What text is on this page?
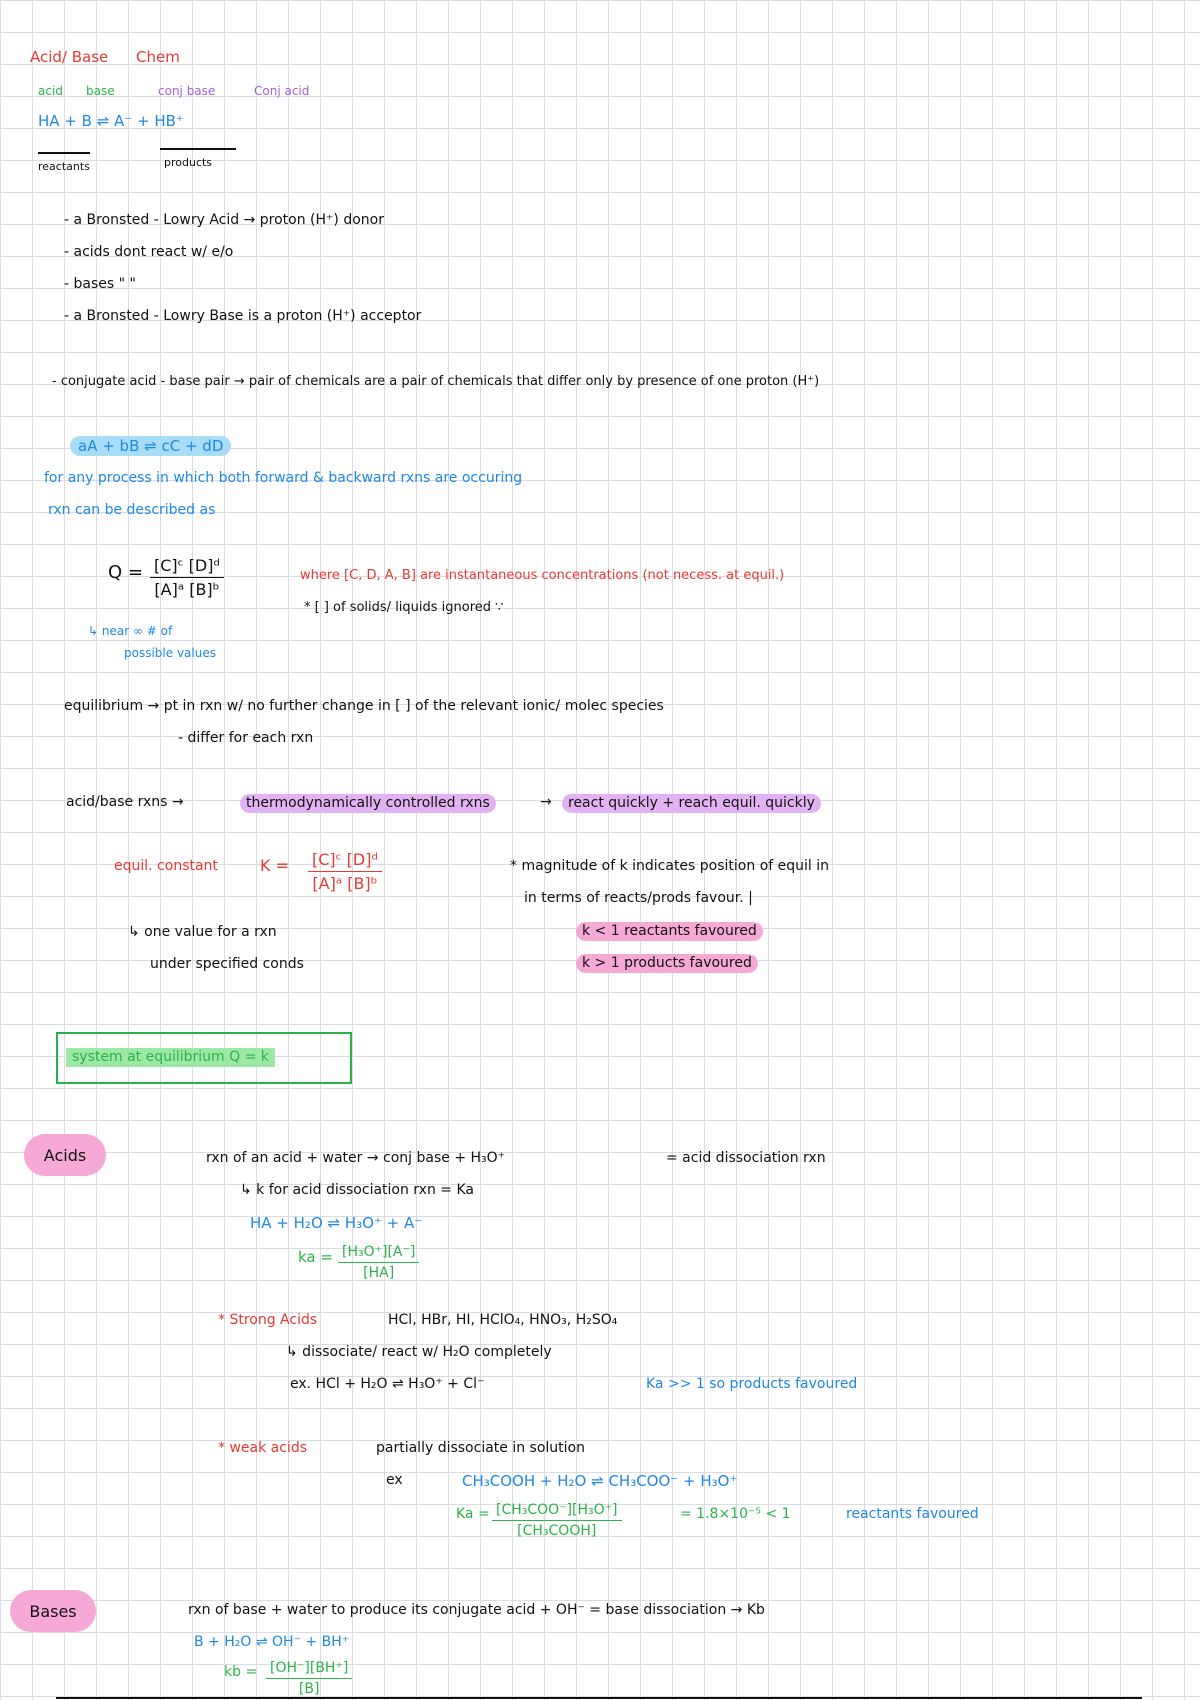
Acid/ Base Chem
acid base	conj base	Conj acid
HA + B ⇌ A⁻ + HB⁺
reactants	products
- a Bronsted - Lowry Acid → proton (H⁺) donor
- acids dont react w/ e/o
- bases " "
- a Bronsted - Lowry Base is a proton (H⁺) acceptor
- conjugate acid - base pair → pair of chemicals are a pair of chemicals that differ only by presence of one proton (H⁺)
aA + bB ⇌ cC + dD
for any process in which both forward & backward rxns are occuring
rxn can be described as
$Q = \frac{\text{[C]ᶜ [D]ᵈ}}{\text{[A]ᵃ [B]ᵇ}}$	where [C, D, A, B] are instantaneous concentrations (not necess. at equil.)
* [ ] of solids/ liquids ignored ∵
↳ near ∞ # of
possible values
equilibrium → pt in rxn w/ no further change in [ ] of the relevant ionic/ molec species
- differ for each rxn
acid/base rxns →	thermodynamically controlled rxns	→	react quickly + reach equil. quickly
equil. constant	$K = \frac{\text{[C]ᶜ [D]ᵈ}}{\text{[A]ᵃ [B]ᵇ}}$
↳ one value for a rxn
under specified conds
* magnitude of k indicates position of equil in
in terms of reacts/prods favour. |
k < 1 reactants favoured
k > 1 products favoured
system at equilibrium Q = k
Acids	rxn of an acid + water → conj base + H₃O⁺	= acid dissociation rxn
↳ k for acid dissociation rxn = Ka
HA + H₂O ⇌ H₃O⁺ + A⁻
ka = $\frac{\text{[H₃O⁺][A⁻]}}{[HA]}$
* Strong Acids	HCl, HBr, HI, HClO₄, HNO₃, H₂SO₄
↳ dissociate/ react w/ H₂O completely
ex. HCl + H₂O ⇌ H₃O⁺ + Cl⁻	Ka >> 1 so products favoured
* weak acids	partially dissociate in solution
ex	CH₃COOH + H₂O ⇌ CH₃COO⁻ + H₃O⁺
Ka = [CH₃COO⁻][H₃O⁺]
[CH₃COOH]
= 1.8×10⁻⁵ < 1	reactants favoured
Bases	rxn of base + water to produce its conjugate acid + OH⁻ = base dissociation → Kb
B + H₂O ⇌ OH⁻ + BH⁺
kb = $\frac{[OH^-][BH^+]}{[B]}$
